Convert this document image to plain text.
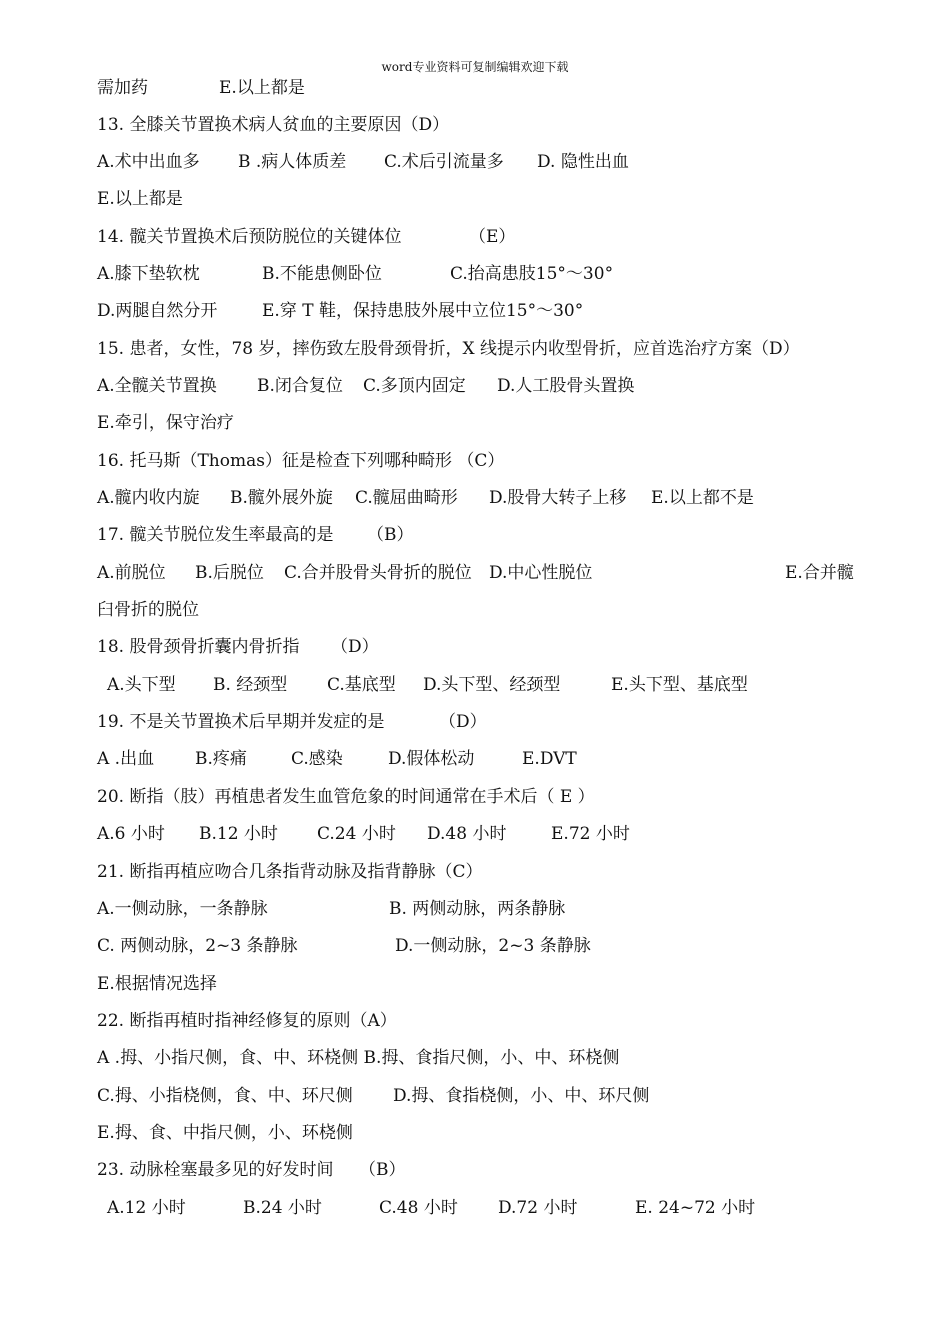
word专业资料可复制编辑欢迎下载
需加药	E.以上都是
13. 全膝关节置换术病人贫血的主要原因（D）
A.术中出血多 B .病人体质差 C.术后引流量多 D. 隐性出血
E.以上都是
14. 髋关节置换术后预防脱位的关键体位	（E）
A.膝下垫软枕	B.不能患侧卧位	C.抬高患肢15°～30°
D.两腿自然分开	E.穿 T 鞋，保持患肢外展中立位15°～30°
15. 患者，女性，78 岁，摔伤致左股骨颈骨折，X 线提示内收型骨折，应首选治疗方案（D）
A.全髋关节置换 B.闭合复位 C.多顶内固定 D.人工股骨头置换
E.牵引，保守治疗
16. 托马斯（Thomas）征是检查下列哪种畸形 （C）
A.髋内收内旋 B.髋外展外旋 C.髋屈曲畸形 D.股骨大转子上移 E.以上都不是
17. 髋关节脱位发生率最高的是 （B）
A.前脱位 B.后脱位 C.合并股骨头骨折的脱位 D.中心性脱位	E.合并髋
臼骨折的脱位
18. 股骨颈骨折囊内骨折指 （D）
A.头下型 B. 经颈型 C.基底型 D.头下型、经颈型	E.头下型、基底型
19. 不是关节置换术后早期并发症的是	（D）
A .出血 B.疼痛	C.感染	D.假体松动	E.DVT
20. 断指（肢）再植患者发生血管危象的时间通常在手术后（ E ）
A.6 小时 B.12 小时 C.24 小时 D.48 小时	E.72 小时
21. 断指再植应吻合几条指背动脉及指背静脉（C）
A.一侧动脉，一条静脉	B. 两侧动脉，两条静脉
C. 两侧动脉，2~3 条静脉	D.一侧动脉，2~3 条静脉
E.根据情况选择
22. 断指再植时指神经修复的原则（A）
A .拇、小指尺侧，食、中、环桡侧 B.拇、食指尺侧，小、中、环桡侧
C.拇、小指桡侧，食、中、环尺侧 D.拇、食指桡侧，小、中、环尺侧
E.拇、食、中指尺侧，小、环桡侧
23. 动脉栓塞最多见的好发时间 （B）
A.12 小时	B.24 小时	C.48 小时 D.72 小时	E. 24~72 小时
